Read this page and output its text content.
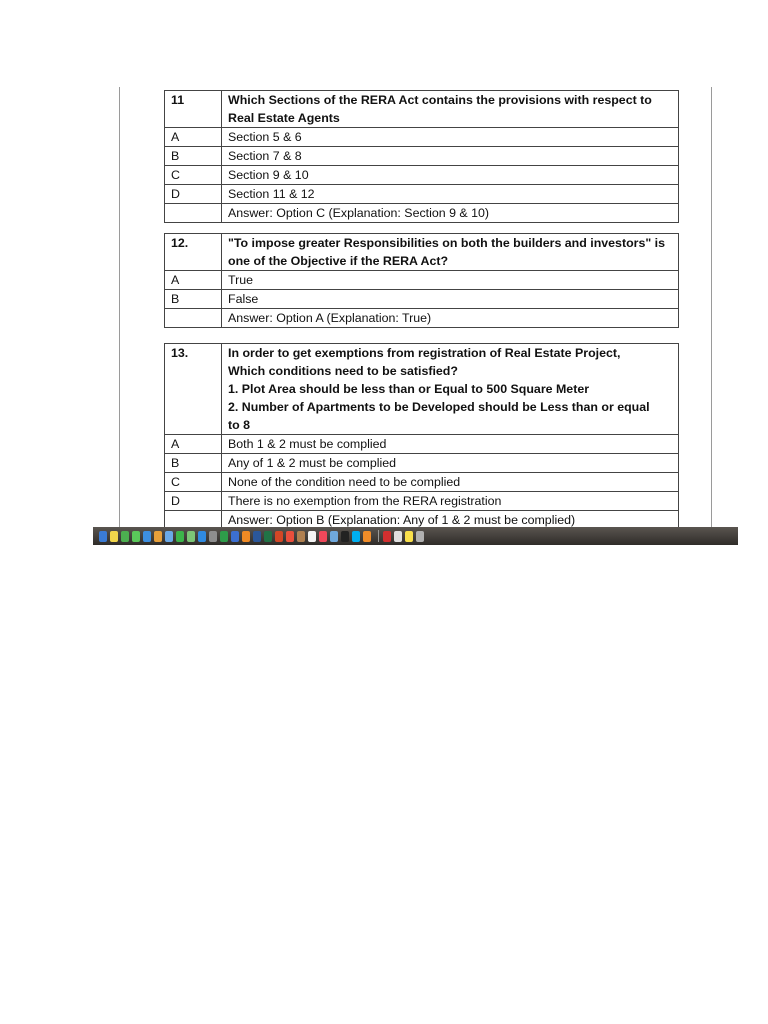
11	Which Sections of the RERA Act contains the provisions with respect to
Real Estate Agents
A	Section 5 & 6
B	Section 7 & 8
C	Section 9 & 10
D	Section 11 & 12
	Answer: Option C (Explanation: Section 9 & 10)
12.	"To impose greater Responsibilities on both the builders and investors" is
one of the Objective if the RERA Act?
A	True
B	False
	Answer: Option A (Explanation: True)
13.	In order to get exemptions from registration of Real Estate Project,
Which conditions need to be satisfied?
1. Plot Area should be less than or Equal to 500 Square Meter
2. Number of Apartments to be Developed should be Less than or equal
to 8
A	Both 1 & 2 must be complied
B	Any of 1 & 2 must be complied
C	None of the condition need to be complied
D	There is no exemption from the RERA registration
	Answer: Option B (Explanation: Any of 1 & 2 must be complied)
